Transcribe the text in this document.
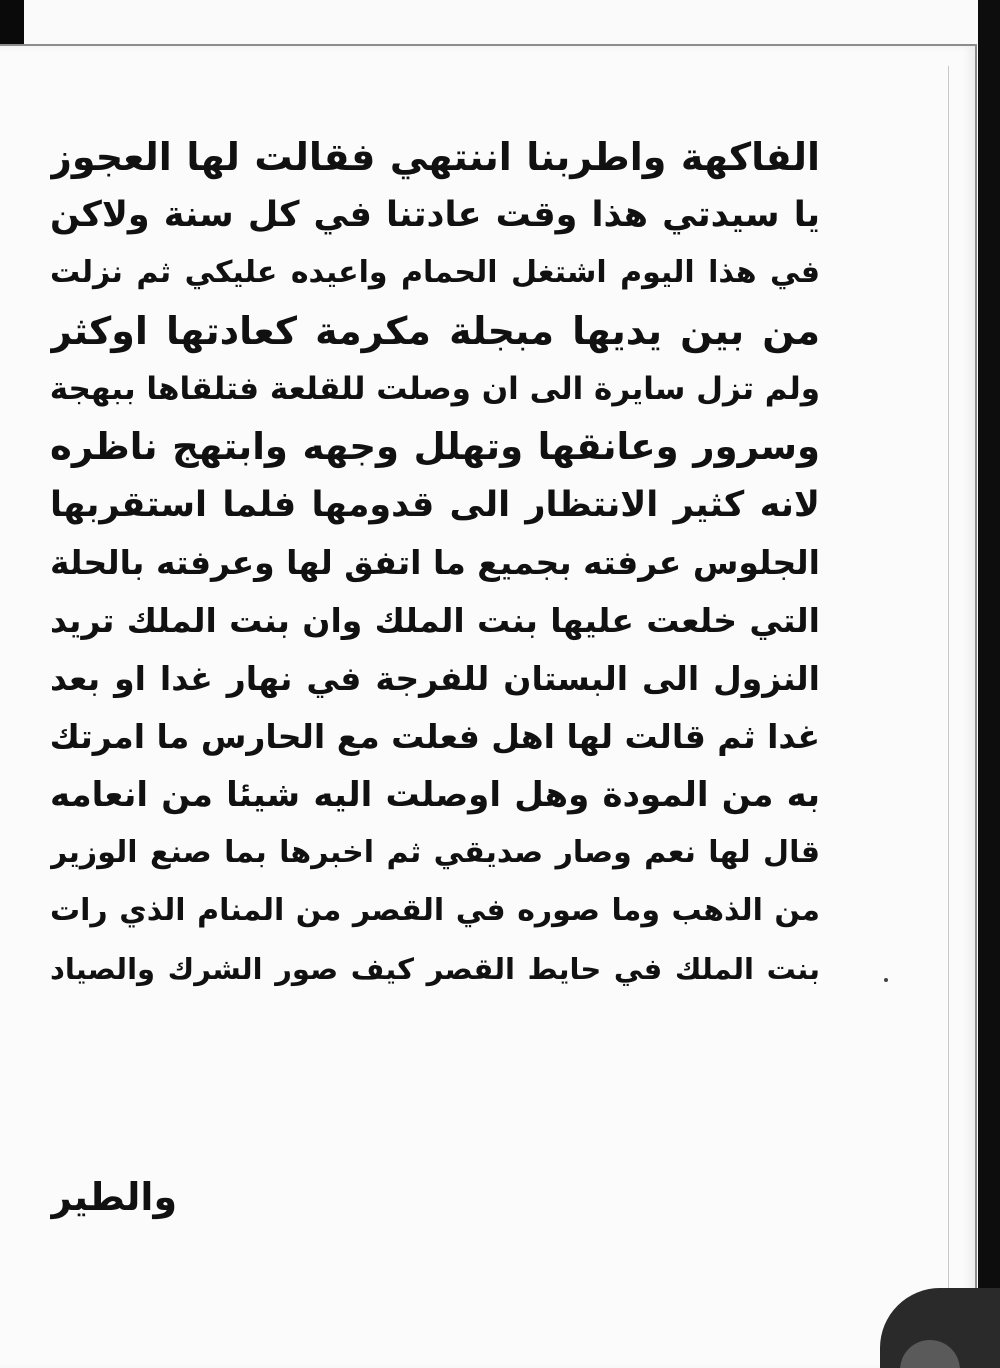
الفاكهة واطربنا اننتهي فقالت لها العجوز
يا سيدتي هذا وقت عادتنا في كل سنة ولاكن
في هذا اليوم اشتغل الحمام واعيده عليكي ثم نزلت
من بين يديها مبجلة مكرمة كعادتها اوكثر
ولم تزل سايرة الى ان وصلت للقلعة فتلقاها ببهجة
وسرور وعانقها وتهلل وجهه وابتهج ناظره
لانه كثير الانتظار الى قدومها فلما استقربها
الجلوس عرفته بجميع ما اتفق لها وعرفته بالحلة
التي خلعت عليها بنت الملك وان بنت الملك تريد
النزول الى البستان للفرجة في نهار غدا او بعد
غدا ثم قالت لها اهل فعلت مع الحارس ما امرتك
به من المودة وهل اوصلت اليه شيئا من انعامه
قال لها نعم وصار صديقي ثم اخبرها بما صنع الوزير
من الذهب وما صوره في القصر من المنام الذي رات
بنت الملك في حايط القصر كيف صور الشرك والصياد
والطير
